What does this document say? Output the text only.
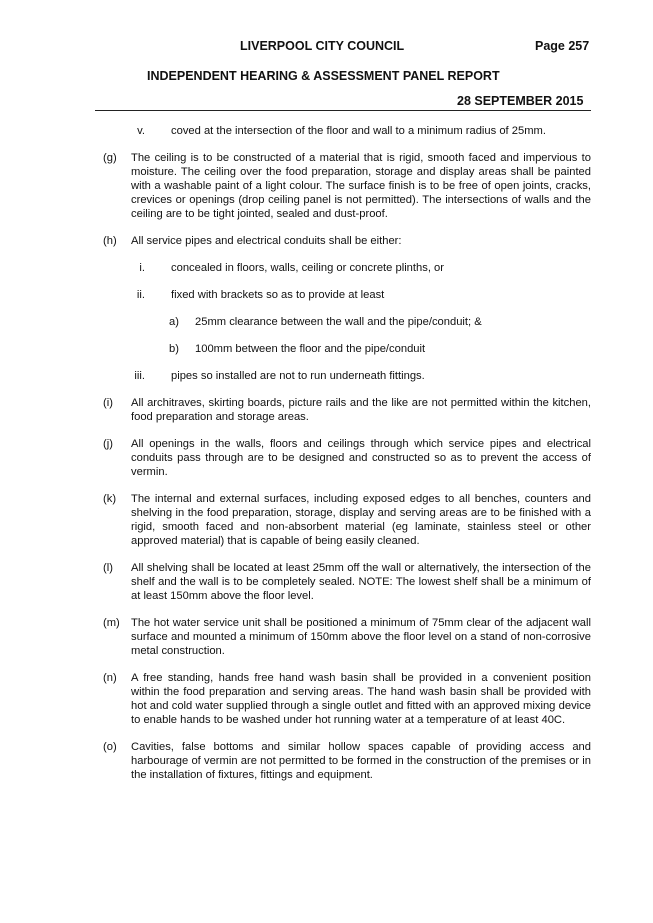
LIVERPOOL CITY COUNCIL	Page 257
INDEPENDENT HEARING & ASSESSMENT PANEL REPORT
28 SEPTEMBER 2015
v. coved at the intersection of the floor and wall to a minimum radius of 25mm.
(g) The ceiling is to be constructed of a material that is rigid, smooth faced and impervious to moisture. The ceiling over the food preparation, storage and display areas shall be painted with a washable paint of a light colour. The surface finish is to be free of open joints, cracks, crevices or openings (drop ceiling panel is not permitted). The intersections of walls and the ceiling are to be tight jointed, sealed and dust-proof.
(h) All service pipes and electrical conduits shall be either:
i. concealed in floors, walls, ceiling or concrete plinths, or
ii. fixed with brackets so as to provide at least
a) 25mm clearance between the wall and the pipe/conduit; &
b) 100mm between the floor and the pipe/conduit
iii. pipes so installed are not to run underneath fittings.
(i) All architraves, skirting boards, picture rails and the like are not permitted within the kitchen, food preparation and storage areas.
(j) All openings in the walls, floors and ceilings through which service pipes and electrical conduits pass through are to be designed and constructed so as to prevent the access of vermin.
(k) The internal and external surfaces, including exposed edges to all benches, counters and shelving in the food preparation, storage, display and serving areas are to be finished with a rigid, smooth faced and non-absorbent material (eg laminate, stainless steel or other approved material) that is capable of being easily cleaned.
(l) All shelving shall be located at least 25mm off the wall or alternatively, the intersection of the shelf and the wall is to be completely sealed. NOTE: The lowest shelf shall be a minimum of at least 150mm above the floor level.
(m) The hot water service unit shall be positioned a minimum of 75mm clear of the adjacent wall surface and mounted a minimum of 150mm above the floor level on a stand of non-corrosive metal construction.
(n) A free standing, hands free hand wash basin shall be provided in a convenient position within the food preparation and serving areas. The hand wash basin shall be provided with hot and cold water supplied through a single outlet and fitted with an approved mixing device to enable hands to be washed under hot running water at a temperature of at least 40C.
(o) Cavities, false bottoms and similar hollow spaces capable of providing access and harbourage of vermin are not permitted to be formed in the construction of the premises or in the installation of fixtures, fittings and equipment.
